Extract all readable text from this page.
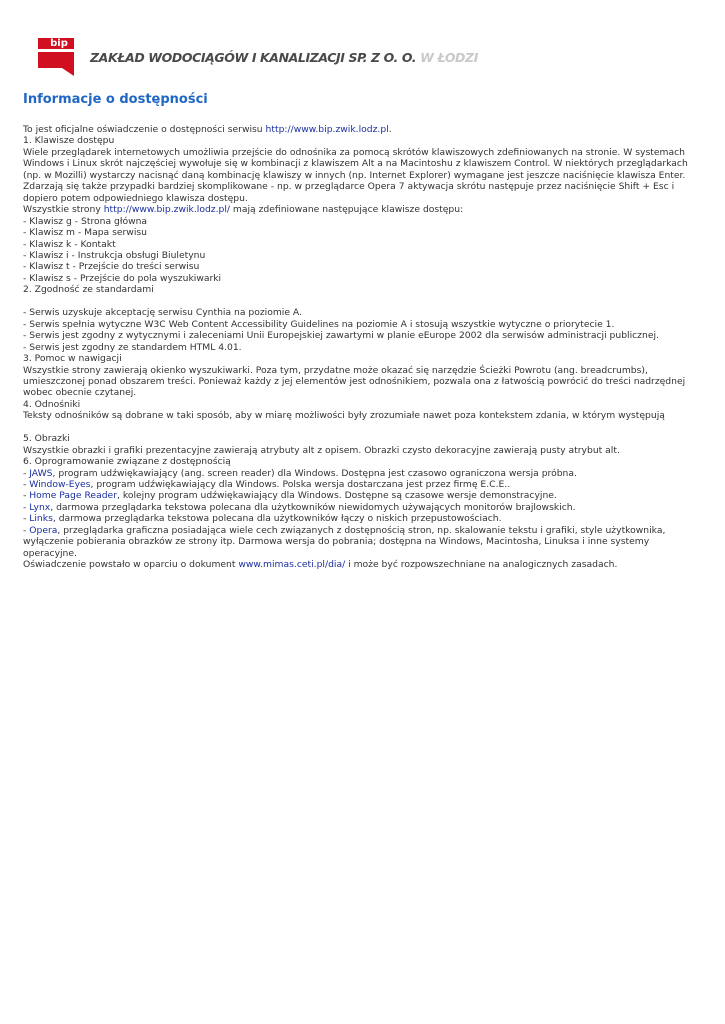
bip
ZAKŁAD WODOCIĄGÓW I KANALIZACJI SP. Z O. O. W ŁODZI
Informacje o dostępności

To jest oficjalne oświadczenie o dostępności serwisu http://www.bip.zwik.lodz.pl.

1. Klawisze dostępu

Wiele przeglądarek internetowych umożliwia przejście do odnośnika za pomocą skrótów klawiszowych zdefiniowanych na stronie. W systemach Windows i Linux skrót najczęściej wywołuje się w kombinacji z klawiszem Alt a na Macintoshu z klawiszem Control. W niektórych przeglądarkach (np. w Mozilli) wystarczy nacisnąć daną kombinację klawiszy w innych (np. Internet Explorer) wymagane jest jeszcze naciśnięcie klawisza Enter. Zdarzają się także przypadki bardziej skomplikowane - np. w przeglądarce Opera 7 aktywacja skrótu następuje przez naciśnięcie Shift + Esc i dopiero potem odpowiedniego klawisza dostępu.

Wszystkie strony http://www.bip.zwik.lodz.pl/ mają zdefiniowane następujące klawisze dostępu:

- Klawisz g - Strona główna

- Klawisz m - Mapa serwisu

- Klawisz k - Kontakt

- Klawisz i - Instrukcja obsługi Biuletynu

- Klawisz t - Przejście do treści serwisu

- Klawisz s - Przejście do pola wyszukiwarki

2. Zgodność ze standardami

- Serwis uzyskuje akceptację serwisu Cynthia na poziomie A.

- Serwis spełnia wytyczne W3C Web Content Accessibility Guidelines na poziomie A i stosują wszystkie wytyczne o priorytecie 1.

- Serwis jest zgodny z wytycznymi i zaleceniami Unii Europejskiej zawartymi w planie eEurope 2002 dla serwisów administracji publicznej.

- Serwis jest zgodny ze standardem HTML 4.01.

3. Pomoc w nawigacji

Wszystkie strony zawierają okienko wyszukiwarki. Poza tym, przydatne może okazać się narzędzie Ścieżki Powrotu (ang. breadcrumbs), umieszczonej ponad obszarem treści. Ponieważ każdy z jej elementów jest odnośnikiem, pozwala ona z łatwością powrócić do treści nadrzędnej wobec obecnie czytanej.

4. Odnośniki

Teksty odnośników są dobrane w taki sposób, aby w miarę możliwości były zrozumiałe nawet poza kontekstem zdania, w którym występują

5. Obrazki

Wszystkie obrazki i grafiki prezentacyjne zawierają atrybuty alt z opisem. Obrazki czysto dekoracyjne zawierają pusty atrybut alt.

6. Oprogramowanie związane z dostępnością

- JAWS, program udźwiękawiający (ang. screen reader) dla Windows. Dostępna jest czasowo ograniczona wersja próbna.

- Window-Eyes, program udźwiękawiający dla Windows. Polska wersja dostarczana jest przez firmę E.C.E..

- Home Page Reader, kolejny program udźwiękawiający dla Windows. Dostępne są czasowe wersje demonstracyjne.

- Lynx, darmowa przeglądarka tekstowa polecana dla użytkowników niewidomych używających monitorów brajlowskich.

- Links, darmowa przeglądarka tekstowa polecana dla użytkowników łączy o niskich przepustowościach.

- Opera, przeglądarka graficzna posiadająca wiele cech związanych z dostępnością stron, np. skalowanie tekstu i grafiki, style użytkownika, wyłączenie pobierania obrazków ze strony itp. Darmowa wersja do pobrania; dostępna na Windows, Macintosha, Linuksa i inne systemy operacyjne.

Oświadczenie powstało w oparciu o dokument www.mimas.ceti.pl/dia/ i może być rozpowszechniane na analogicznych zasadach.
